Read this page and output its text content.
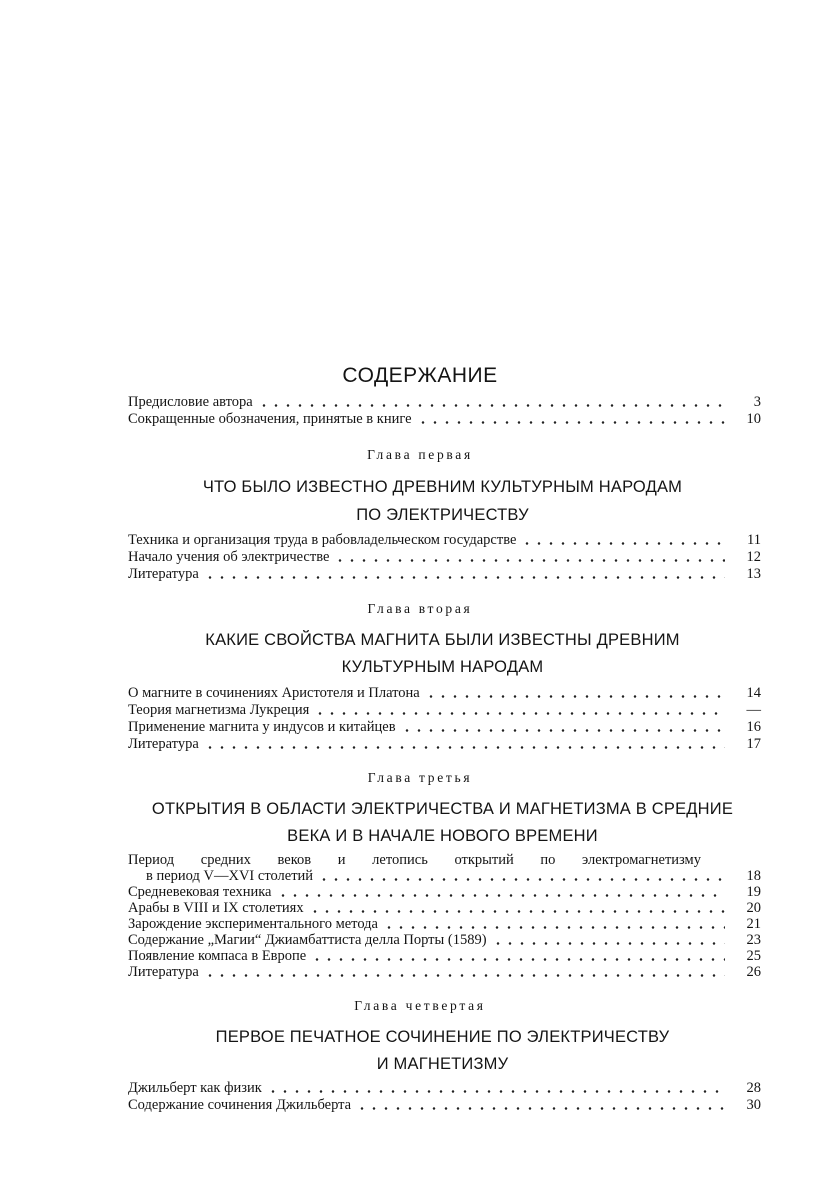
СОДЕРЖАНИЕ
Предисловие автора	3
Сокращенные обозначения, принятые в книге	10
Глава первая
ЧТО БЫЛО ИЗВЕСТНО ДРЕВНИМ КУЛЬТУРНЫМ НАРОДАМ
ПО ЭЛЕКТРИЧЕСТВУ
Техника и организация труда в рабовладельческом государстве	11
Начало учения об электричестве	12
Литература	13
Глава вторая
КАКИЕ СВОЙСТВА МАГНИТА БЫЛИ ИЗВЕСТНЫ ДРЕВНИМ
КУЛЬТУРНЫМ НАРОДАМ
О магните в сочинениях Аристотеля и Платона	14
Теория магнетизма Лукреция	—
Применение магнита у индусов и китайцев	16
Литература	17
Глава третья
ОТКРЫТИЯ В ОБЛАСТИ ЭЛЕКТРИЧЕСТВА И МАГНЕТИЗМА В СРЕДНИЕ
ВЕКА И В НАЧАЛЕ НОВОГО ВРЕМЕНИ
Период средних веков и летопись открытий по электромагнетизму
в период V—XVI столетий	18
Средневековая техника	19
Арабы в VIII и IX столетиях	20
Зарождение экспериментального метода	21
Содержание „Магии“ Джиамбаттиста делла Порты (1589)	23
Появление компаса в Европе	25
Литература	26
Глава четвертая
ПЕРВОЕ ПЕЧАТНОЕ СОЧИНЕНИЕ ПО ЭЛЕКТРИЧЕСТВУ
И МАГНЕТИЗМУ
Джильберт как физик	28
Содержание сочинения Джильберта	30
